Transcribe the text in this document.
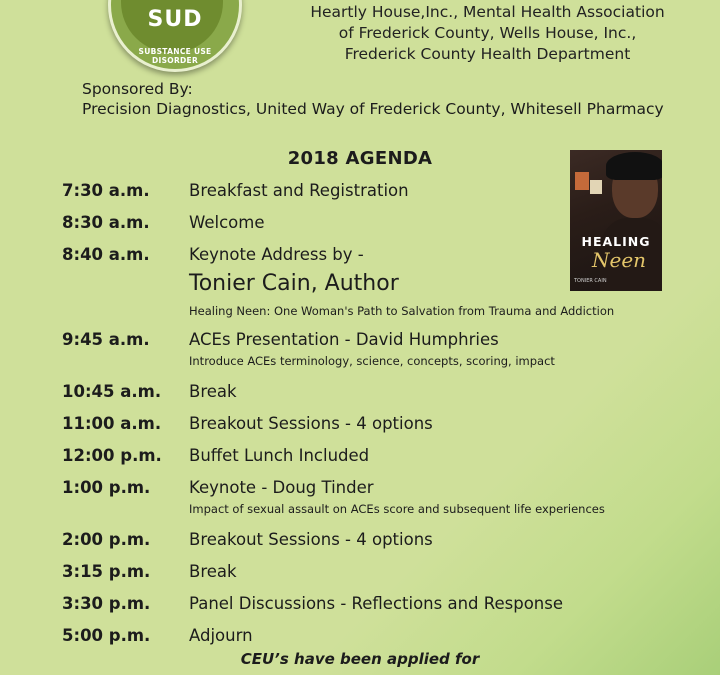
SUD
SUBSTANCE USE DISORDER
Heartly House,Inc., Mental Health Association
of Frederick County, Wells House, Inc.,
Frederick County Health Department
Sponsored By:
Precision Diagnostics, United Way of Frederick County, Whitesell Pharmacy
2018 AGENDA
HEALING
Neen
TONIER CAIN
7:30 a.m. Breakfast and Registration
8:30 a.m. Welcome
8:40 a.m. Keynote Address by -
Tonier Cain, Author
Healing Neen: One Woman's Path to Salvation from Trauma and Addiction
9:45 a.m. ACEs Presentation - David Humphries
Introduce ACEs terminology, science, concepts, scoring, impact
10:45 a.m. Break
11:00 a.m. Breakout Sessions - 4 options
12:00 p.m. Buffet Lunch Included
1:00 p.m. Keynote - Doug Tinder
Impact of sexual assault on ACEs score and subsequent life experiences
2:00 p.m. Breakout Sessions - 4 options
3:15 p.m. Break
3:30 p.m. Panel Discussions - Reflections and Response
5:00 p.m. Adjourn
CEU’s have been applied for
